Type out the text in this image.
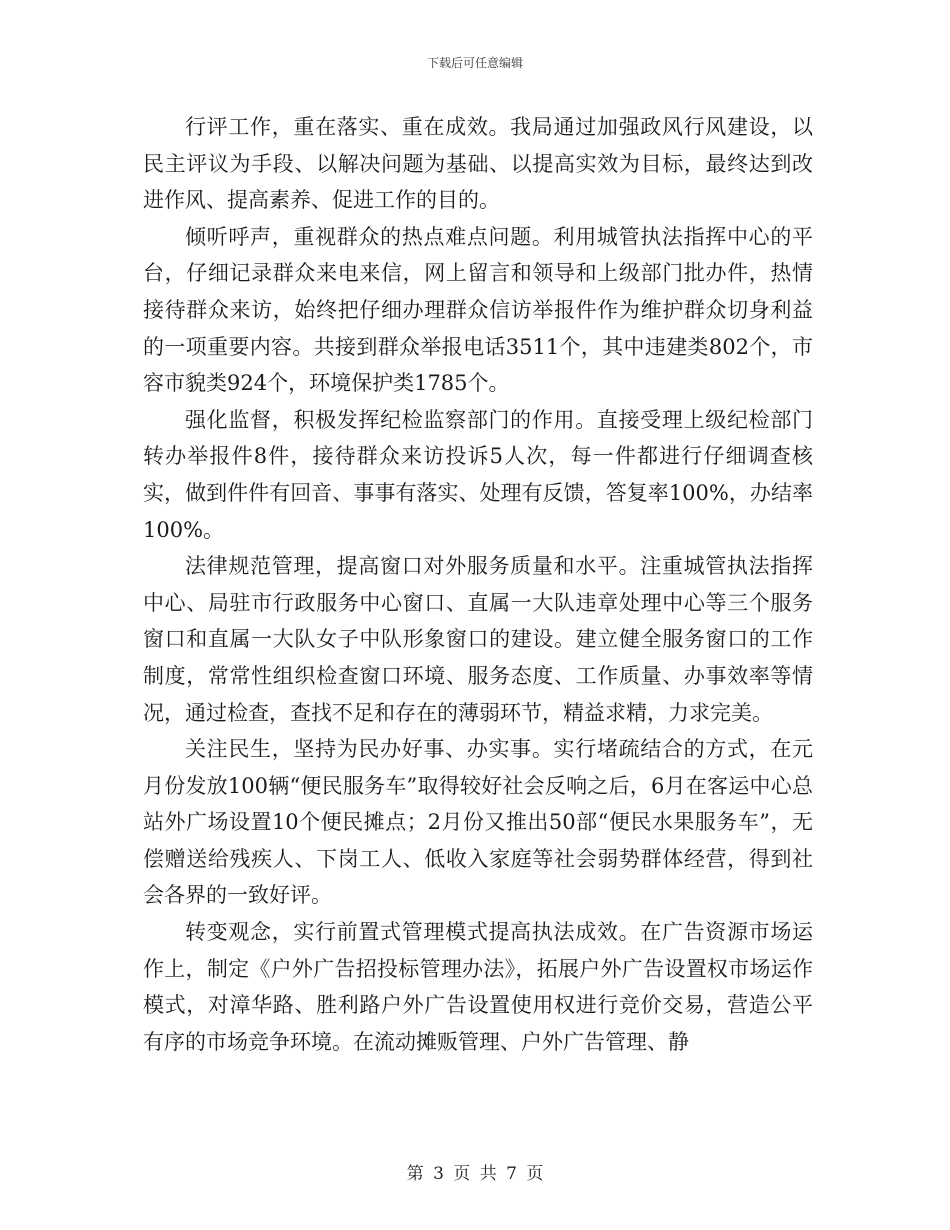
下载后可任意编辑

行评工作，重在落实、重在成效。我局通过加强政风行风建设，以民主评议为手段、以解决问题为基础、以提高实效为目标，最终达到改进作风、提高素养、促进工作的目的。

倾听呼声，重视群众的热点难点问题。利用城管执法指挥中心的平台，仔细记录群众来电来信，网上留言和领导和上级部门批办件，热情接待群众来访，始终把仔细办理群众信访举报件作为维护群众切身利益的一项重要内容。共接到群众举报电话3511个，其中违建类802个，市容市貌类924个，环境保护类1785个。

强化监督，积极发挥纪检监察部门的作用。直接受理上级纪检部门转办举报件8件，接待群众来访投诉5人次，每一件都进行仔细调查核实，做到件件有回音、事事有落实、处理有反馈，答复率100%，办结率100%。

法律规范管理，提高窗口对外服务质量和水平。注重城管执法指挥中心、局驻市行政服务中心窗口、直属一大队违章处理中心等三个服务窗口和直属一大队女子中队形象窗口的建设。建立健全服务窗口的工作制度，常常性组织检查窗口环境、服务态度、工作质量、办事效率等情况，通过检查，查找不足和存在的薄弱环节，精益求精，力求完美。

关注民生，坚持为民办好事、办实事。实行堵疏结合的方式，在元月份发放100辆“便民服务车”取得较好社会反响之后，6月在客运中心总站外广场设置10个便民摊点；2月份又推出50部“便民水果服务车”，无偿赠送给残疾人、下岗工人、低收入家庭等社会弱势群体经营，得到社会各界的一致好评。

转变观念，实行前置式管理模式提高执法成效。在广告资源市场运作上，制定《户外广告招投标管理办法》，拓展户外广告设置权市场运作模式，对漳华路、胜利路户外广告设置使用权进行竞价交易，营造公平有序的市场竞争环境。在流动摊贩管理、户外广告管理、静

第 3 页 共 7 页
